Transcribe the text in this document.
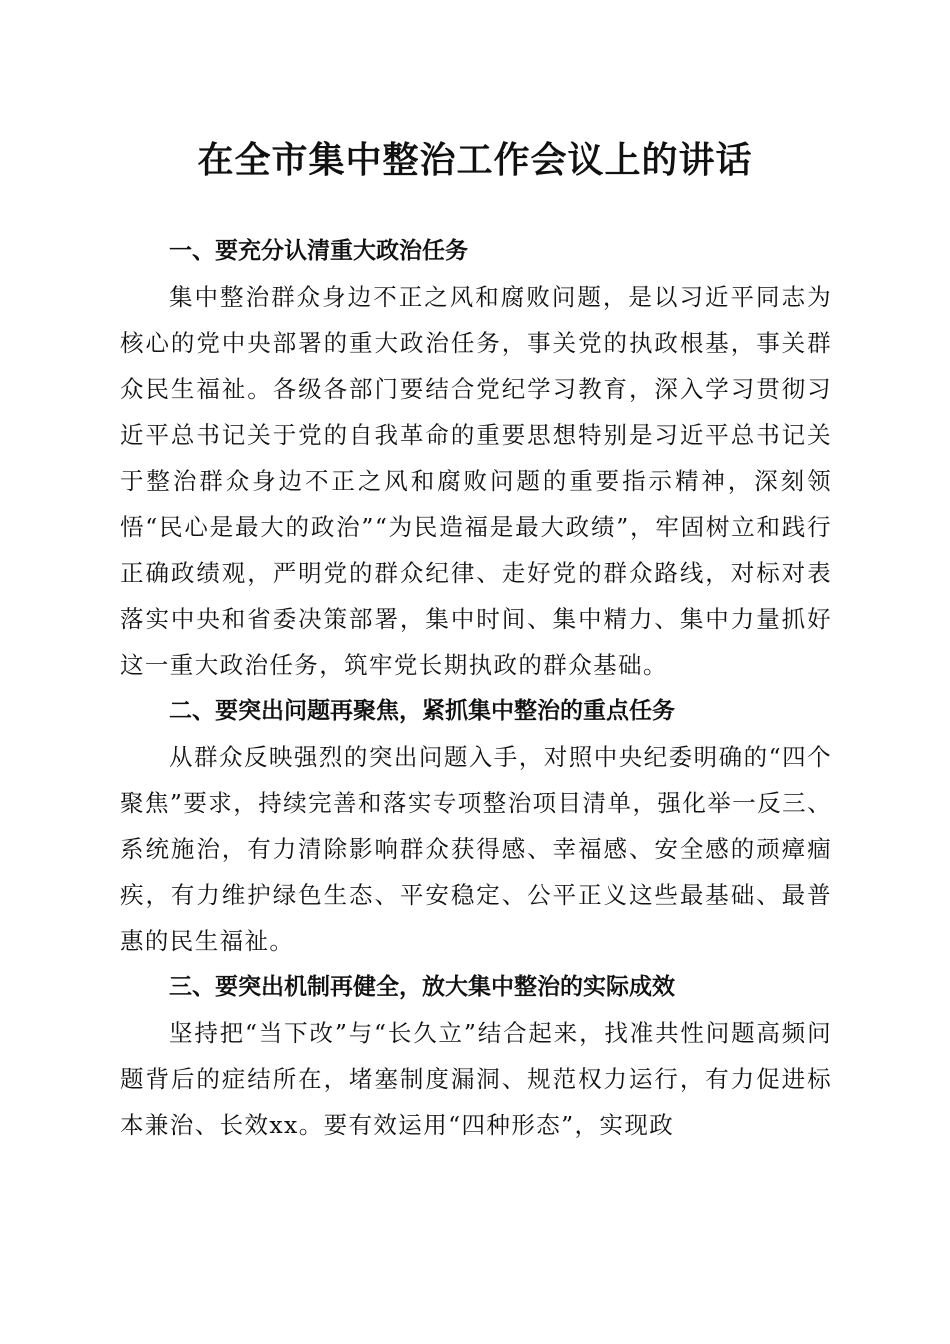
在全市集中整治工作会议上的讲话
一、要充分认清重大政治任务

集中整治群众身边不正之风和腐败问题，是以习近平同志为核心的党中央部署的重大政治任务，事关党的执政根基，事关群众民生福祉。各级各部门要结合党纪学习教育，深入学习贯彻习近平总书记关于党的自我革命的重要思想特别是习近平总书记关于整治群众身边不正之风和腐败问题的重要指示精神，深刻领悟“民心是最大的政治”“为民造福是最大政绩”，牢固树立和践行正确政绩观，严明党的群众纪律、走好党的群众路线，对标对表落实中央和省委决策部署，集中时间、集中精力、集中力量抓好这一重大政治任务，筑牢党长期执政的群众基础。

二、要突出问题再聚焦，紧抓集中整治的重点任务

从群众反映强烈的突出问题入手，对照中央纪委明确的“四个聚焦”要求，持续完善和落实专项整治项目清单，强化举一反三、系统施治，有力清除影响群众获得感、幸福感、安全感的顽瘴痼疾，有力维护绿色生态、平安稳定、公平正义这些最基础、最普惠的民生福祉。

三、要突出机制再健全，放大集中整治的实际成效

坚持把“当下改”与“长久立”结合起来，找准共性问题高频问题背后的症结所在，堵塞制度漏洞、规范权力运行，有力促进标本兼治、长效xx。要有效运用“四种形态”，实现政
